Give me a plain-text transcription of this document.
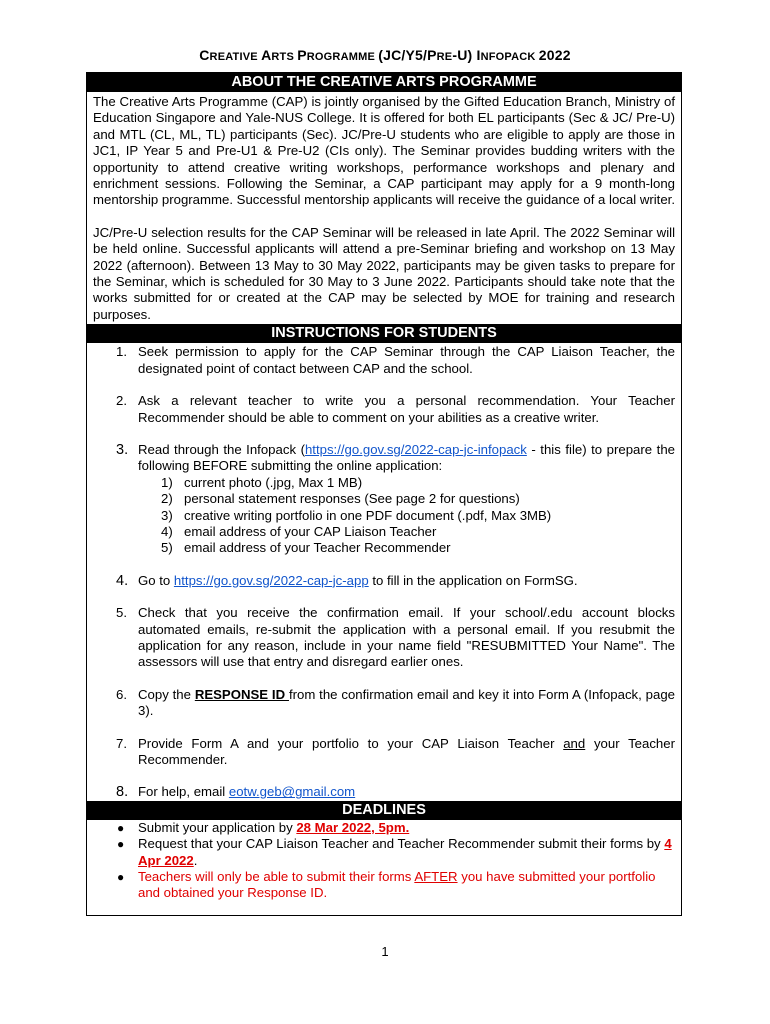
CREATIVE ARTS PROGRAMME (JC/Y5/PRE-U) INFOPACK 2022
ABOUT THE CREATIVE ARTS PROGRAMME

The Creative Arts Programme (CAP) is jointly organised by the Gifted Education Branch, Ministry of Education Singapore and Yale-NUS College. It is offered for both EL participants (Sec & JC/ Pre-U) and MTL (CL, ML, TL) participants (Sec). JC/Pre-U students who are eligible to apply are those in JC1, IP Year 5 and Pre-U1 & Pre-U2 (CIs only). The Seminar provides budding writers with the opportunity to attend creative writing workshops, performance workshops and plenary and enrichment sessions. Following the Seminar, a CAP participant may apply for a 9 month-long mentorship programme. Successful mentorship applicants will receive the guidance of a local writer.

JC/Pre-U selection results for the CAP Seminar will be released in late April. The 2022 Seminar will be held online. Successful applicants will attend a pre-Seminar briefing and workshop on 13 May 2022 (afternoon). Between 13 May to 30 May 2022, participants may be given tasks to prepare for the Seminar, which is scheduled for 30 May to 3 June 2022. Participants should take note that the works submitted for or created at the CAP may be selected by MOE for training and research purposes.

INSTRUCTIONS FOR STUDENTS
1. Seek permission to apply for the CAP Seminar through the CAP Liaison Teacher, the designated point of contact between CAP and the school.
2. Ask a relevant teacher to write you a personal recommendation. Your Teacher Recommender should be able to comment on your abilities as a creative writer.
3. Read through the Infopack (https://go.gov.sg/2022-cap-jc-infopack - this file) to prepare the following BEFORE submitting the online application:
1) current photo (.jpg, Max 1 MB)
2) personal statement responses (See page 2 for questions)
3) creative writing portfolio in one PDF document (.pdf, Max 3MB)
4) email address of your CAP Liaison Teacher
5) email address of your Teacher Recommender
4. Go to https://go.gov.sg/2022-cap-jc-app to fill in the application on FormSG.
5. Check that you receive the confirmation email. If your school/.edu account blocks automated emails, re-submit the application with a personal email. If you resubmit the application for any reason, include in your name field "RESUBMITTED Your Name". The assessors will use that entry and disregard earlier ones.
6. Copy the RESPONSE ID from the confirmation email and key it into Form A (Infopack, page 3).
7. Provide Form A and your portfolio to your CAP Liaison Teacher and your Teacher Recommender.
8. For help, email eotw.geb@gmail.com
DEADLINES
● Submit your application by 28 Mar 2022, 5pm.
● Request that your CAP Liaison Teacher and Teacher Recommender submit their forms by 4 Apr 2022.
● Teachers will only be able to submit their forms AFTER you have submitted your portfolio and obtained your Response ID.
1
